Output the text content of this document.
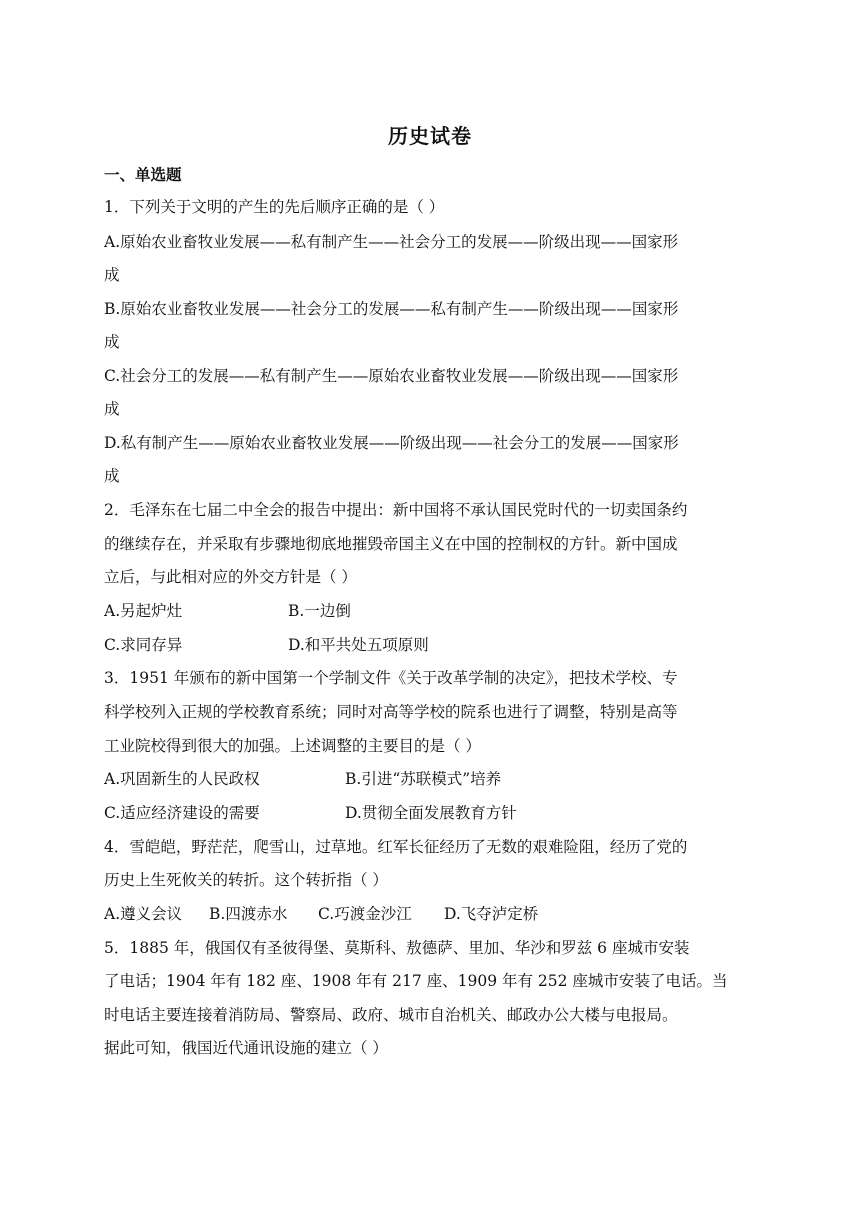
历史试卷
一、单选题
1．下列关于文明的产生的先后顺序正确的是（ ）
A.原始农业畜牧业发展——私有制产生——社会分工的发展——阶级出现——国家形
成
B.原始农业畜牧业发展——社会分工的发展——私有制产生——阶级出现——国家形
成
C.社会分工的发展——私有制产生——原始农业畜牧业发展——阶级出现——国家形
成
D.私有制产生——原始农业畜牧业发展——阶级出现——社会分工的发展——国家形
成
2．毛泽东在七届二中全会的报告中提出：新中国将不承认国民党时代的一切卖国条约
的继续存在，并采取有步骤地彻底地摧毁帝国主义在中国的控制权的方针。新中国成
立后，与此相对应的外交方针是（ ）
A.另起炉灶	B.一边倒
C.求同存异	D.和平共处五项原则
3．1951 年颁布的新中国第一个学制文件《关于改革学制的决定》，把技术学校、专
科学校列入正规的学校教育系统；同时对高等学校的院系也进行了调整，特别是高等
工业院校得到很大的加强。上述调整的主要目的是（ ）
A.巩固新生的人民政权	B.引进“苏联模式”培养
C.适应经济建设的需要	D.贯彻全面发展教育方针
4．雪皑皑，野茫茫，爬雪山，过草地。红军长征经历了无数的艰难险阻，经历了党的
历史上生死攸关的转折。这个转折指（ ）
A.遵义会议 B.四渡赤水 C.巧渡金沙江 D.飞夺泸定桥
5．1885 年，俄国仅有圣彼得堡、莫斯科、敖德萨、里加、华沙和罗兹 6 座城市安装
了电话；1904 年有 182 座、1908 年有 217 座、1909 年有 252 座城市安装了电话。当
时电话主要连接着消防局、警察局、政府、城市自治机关、邮政办公大楼与电报局。
据此可知，俄国近代通讯设施的建立（ ）
